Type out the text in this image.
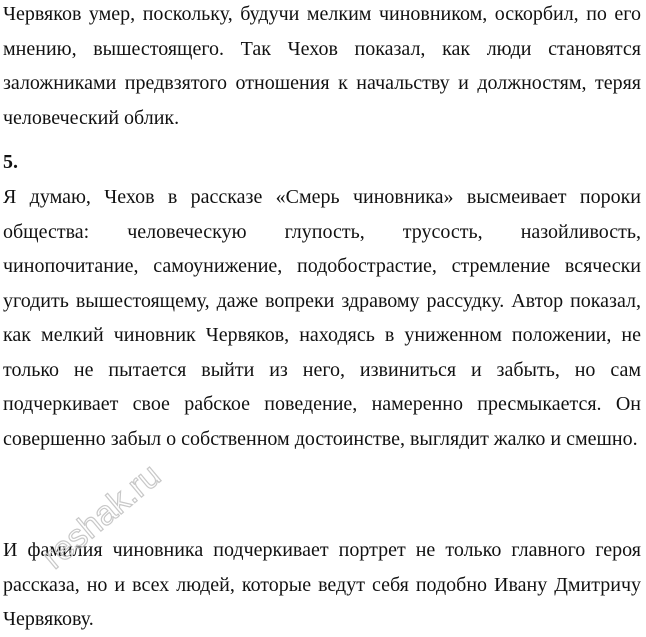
Червяков умер, поскольку, будучи мелким чиновником, оскорбил, по его мнению, вышестоящего. Так Чехов показал, как люди становятся заложниками предвзятого отношения к начальству и должностям, теряя человеческий облик.

5.

Я думаю, Чехов в рассказе «Смерь чиновника» высмеивает пороки общества: человеческую глупость, трусость, назойливость, чинопочитание, самоунижение, подобострастие, стремление всячески угодить вышестоящему, даже вопреки здравому рассудку. Автор показал, как мелкий чиновник Червяков, находясь в униженном положении, не только не пытается выйти из него, извиниться и забыть, но сам подчеркивает свое рабское поведение, намеренно пресмыкается. Он совершенно забыл о собственном достоинстве, выглядит жалко и смешно.

И фамилия чиновника подчеркивает портрет не только главного героя рассказа, но и всех людей, которые ведут себя подобно Ивану Дмитричу Червякову.

reshak.ru
